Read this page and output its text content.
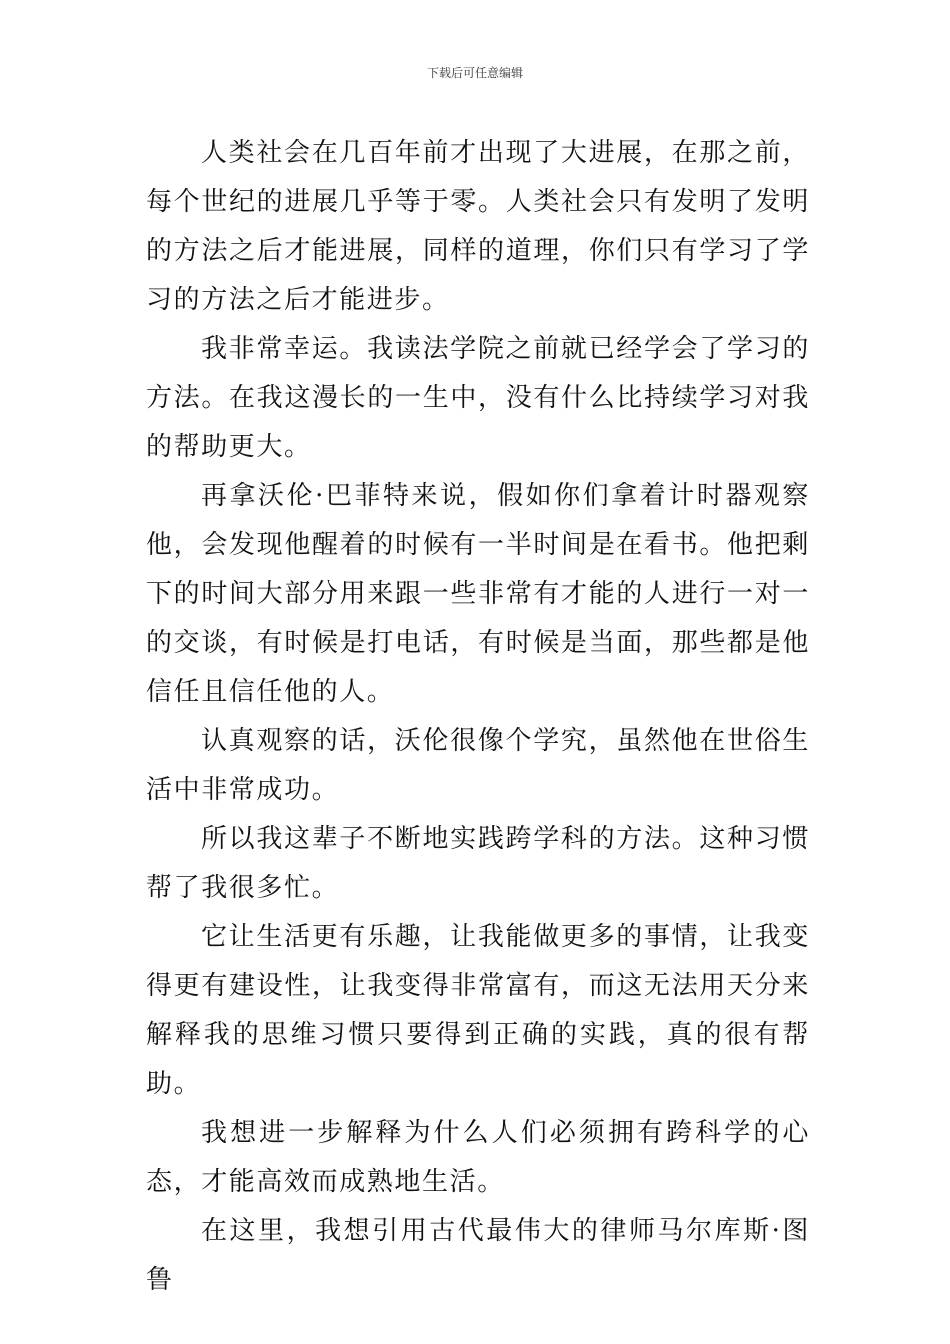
下载后可任意编辑

人类社会在几百年前才出现了大进展，在那之前，每个世纪的进展几乎等于零。人类社会只有发明了发明的方法之后才能进展，同样的道理，你们只有学习了学习的方法之后才能进步。

我非常幸运。我读法学院之前就已经学会了学习的方法。在我这漫长的一生中，没有什么比持续学习对我的帮助更大。

再拿沃伦·巴菲特来说，假如你们拿着计时器观察他，会发现他醒着的时候有一半时间是在看书。他把剩下的时间大部分用来跟一些非常有才能的人进行一对一的交谈，有时候是打电话，有时候是当面，那些都是他信任且信任他的人。

认真观察的话，沃伦很像个学究，虽然他在世俗生活中非常成功。

所以我这辈子不断地实践跨学科的方法。这种习惯帮了我很多忙。

它让生活更有乐趣，让我能做更多的事情，让我变得更有建设性，让我变得非常富有，而这无法用天分来解释我的思维习惯只要得到正确的实践，真的很有帮助。

我想进一步解释为什么人们必须拥有跨科学的心态，才能高效而成熟地生活。

在这里，我想引用古代最伟大的律师马尔库斯·图鲁
